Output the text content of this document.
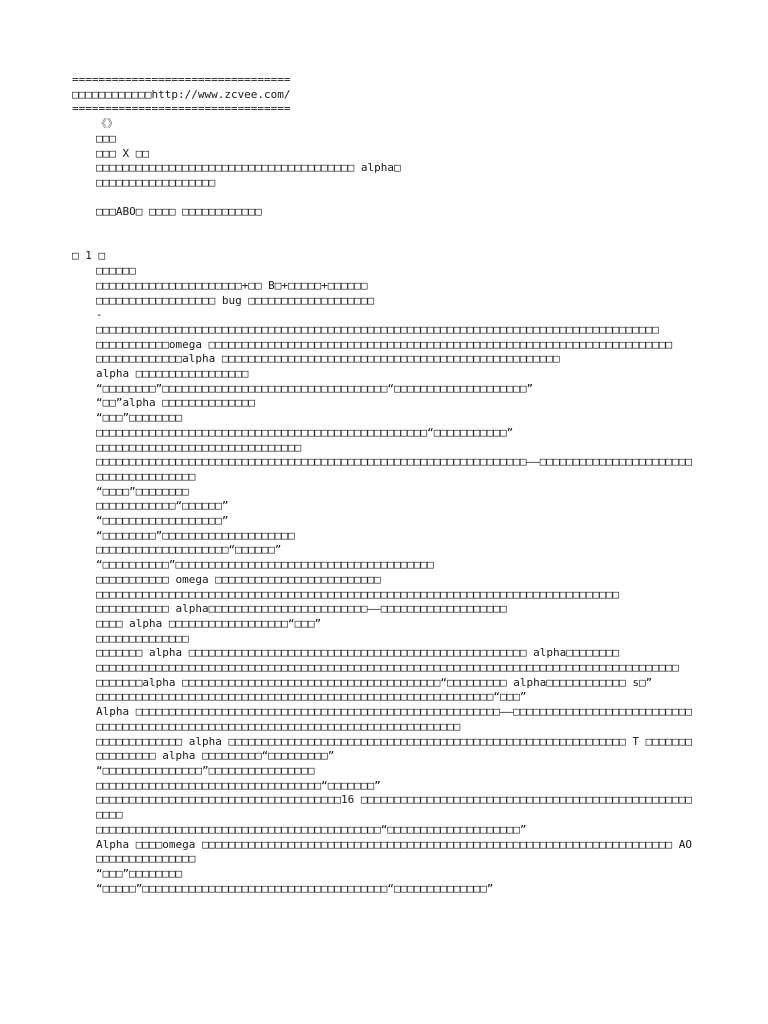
=================================

□□□□□□□□□□□□http://www.zcvee.com/

=================================

《》

□□□

□□□ X □□

□□□□□□□□□□□□□□□□□□□□□□□□□□□□□□□□□□□□□□□ alpha□

□□□□□□□□□□□□□□□□□□

□□□ABO□ □□□□ □□□□□□□□□□□□

□ 1 □

□□□□□□

□□□□□□□□□□□□□□□□□□□□□□+□□ B□+□□□□□+□□□□□□

□□□□□□□□□□□□□□□□□□ bug □□□□□□□□□□□□□□□□□□□

-

□□□□□□□□□□□□□□□□□□□□□□□□□□□□□□□□□□□□□□□□□□□□□□□□□□□□□□□□□□□□□□□□□□□□□□□□□□□□□□□□□□□□□

□□□□□□□□□□□omega □□□□□□□□□□□□□□□□□□□□□□□□□□□□□□□□□□□□□□□□□□□□□□□□□□□□□□□□□□□□□□□□□□□□□□

□□□□□□□□□□□□□alpha □□□□□□□□□□□□□□□□□□□□□□□□□□□□□□□□□□□□□□□□□□□□□□□□□□□

alpha □□□□□□□□□□□□□□□□□

“□□□□□□□□”□□□□□□□□□□□□□□□□□□□□□□□□□□□□□□□□□□“□□□□□□□□□□□□□□□□□□□□”

“□□”alpha □□□□□□□□□□□□□□

“□□□”□□□□□□□□

□□□□□□□□□□□□□□□□□□□□□□□□□□□□□□□□□□□□□□□□□□□□□□□□□□“□□□□□□□□□□□”

□□□□□□□□□□□□□□□□□□□□□□□□□□□□□□□

□□□□□□□□□□□□□□□□□□□□□□□□□□□□□□□□□□□□□□□□□□□□□□□□□□□□□□□□□□□□□□□□□——□□□□□□□□□□□□□□□□□□□□□□□□□□□□□□□□□□□□□□

“□□□□”□□□□□□□□

□□□□□□□□□□□□“□□□□□□”

“□□□□□□□□□□□□□□□□□□”

“□□□□□□□□”□□□□□□□□□□□□□□□□□□□□

□□□□□□□□□□□□□□□□□□□□“□□□□□□”

“□□□□□□□□□□”□□□□□□□□□□□□□□□□□□□□□□□□□□□□□□□□□□□□□□□

□□□□□□□□□□□ omega □□□□□□□□□□□□□□□□□□□□□□□□□

□□□□□□□□□□□□□□□□□□□□□□□□□□□□□□□□□□□□□□□□□□□□□□□□□□□□□□□□□□□□□□□□□□□□□□□□□□□□□□□

□□□□□□□□□□□ alpha□□□□□□□□□□□□□□□□□□□□□□□□——□□□□□□□□□□□□□□□□□□□

□□□□ alpha □□□□□□□□□□□□□□□□□□“□□□”

□□□□□□□□□□□□□□

□□□□□□□ alpha □□□□□□□□□□□□□□□□□□□□□□□□□□□□□□□□□□□□□□□□□□□□□□□□□□□ alpha□□□□□□□□

□□□□□□□□□□□□□□□□□□□□□□□□□□□□□□□□□□□□□□□□□□□□□□□□□□□□□□□□□□□□□□□□□□□□□□□□□□□□□□□□□□□□□□□□

□□□□□□□alpha □□□□□□□□□□□□□□□□□□□□□□□□□□□□□□□□□□□□□□□“□□□□□□□□□ alpha□□□□□□□□□□□□ s□”

□□□□□□□□□□□□□□□□□□□□□□□□□□□□□□□□□□□□□□□□□□□□□□□□□□□□□□□□□□□□“□□□”

Alpha □□□□□□□□□□□□□□□□□□□□□□□□□□□□□□□□□□□□□□□□□□□□□□□□□□□□□□□——□□□□□□□□□□□□□□□□□□□□□□□□□□□□□□□□□□□□□□□□□□□□□□□□□□□□□□□□□□□□□□□□□□□□□□□□□□□□□□□□□□

□□□□□□□□□□□□□ alpha □□□□□□□□□□□□□□□□□□□□□□□□□□□□□□□□□□□□□□□□□□□□□□□□□□□□□□□□□□□□ T □□□□□□□□□□□□□□□□ alpha □□□□□□□□□“□□□□□□□□□”

“□□□□□□□□□□□□□□□”□□□□□□□□□□□□□□□□

□□□□□□□□□□□□□□□□□□□□□□□□□□□□□□□□□□“□□□□□□□”

□□□□□□□□□□□□□□□□□□□□□□□□□□□□□□□□□□□□□16 □□□□□□□□□□□□□□□□□□□□□□□□□□□□□□□□□□□□□□□□□□□□□□□□□□□□□□

□□□□□□□□□□□□□□□□□□□□□□□□□□□□□□□□□□□□□□□□□□□“□□□□□□□□□□□□□□□□□□□□”

Alpha □□□□omega □□□□□□□□□□□□□□□□□□□□□□□□□□□□□□□□□□□□□□□□□□□□□□□□□□□□□□□□□□□□□□□□□□□□□□□ AO □□□□□□□□□□□□□□□

“□□□”□□□□□□□□

“□□□□□”□□□□□□□□□□□□□□□□□□□□□□□□□□□□□□□□□□□□□“□□□□□□□□□□□□□□”
